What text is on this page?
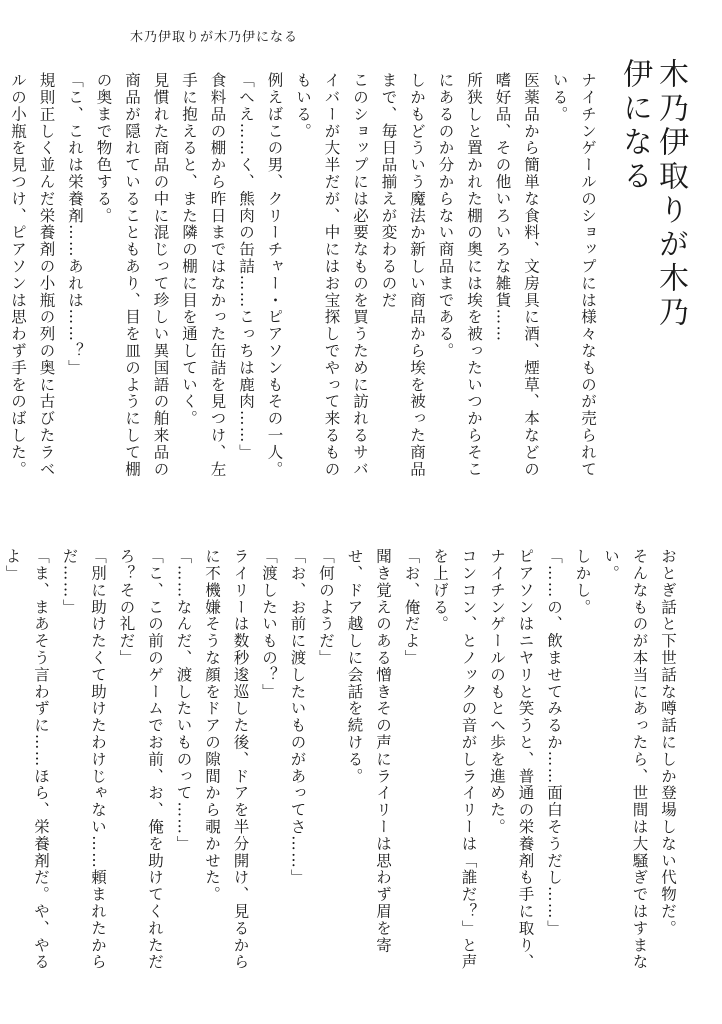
木乃伊取りが木乃伊になる
木乃伊取りが木乃伊になる

ナイチンゲールのショップには様々なものが売られている。

医薬品から簡単な食料、文房具に酒、煙草、本などの嗜好品、その他いろいろな雑貨……

所狭しと置かれた棚の奥には埃を被ったいつからそこにあるのか分からない商品まである。

しかもどういう魔法か新しい商品から埃を被った商品まで、毎日品揃えが変わるのだ

このショップには必要なものを買うために訪れるサバイバーが大半だが、中にはお宝探しでやって来るものもいる。

例えばこの男、クリーチャー・ピアソンもその一人。

「へえ……く、熊肉の缶詰……こっちは鹿肉……」

食料品の棚から昨日まではなかった缶詰を見つけ、左手に抱えると、また隣の棚に目を通していく。

見慣れた商品の中に混じって珍しい異国語の舶来品の商品が隠れていることもあり、目を皿のようにして棚の奥まで物色する。

「こ、これは栄養剤……あれは……？」

規則正しく並んだ栄養剤の小瓶の列の奥に古びたラベルの小瓶を見つけ、ピアソンは思わず手をのばした。

おとぎ話と下世話な噂話にしか登場しない代物だ。

そんなものが本当にあったら、世間は大騒ぎではすまない。

しかし。

「……の、飲ませてみるか……面白そうだし……」

ピアソンはニヤリと笑うと、普通の栄養剤も手に取り、ナイチンゲールのもとへ歩を進めた。

コンコン、とノックの音がしライリーは「誰だ？」と声を上げる。

「お、俺だよ」

聞き覚えのある憎きその声にライリーは思わず眉を寄せ、ドア越しに会話を続ける。

「何のようだ」

「お、お前に渡したいものがあってさ……」

「渡したいもの？」

ライリーは数秒逡巡した後、ドアを半分開け、見るからに不機嫌そうな顔をドアの隙間から覗かせた。

「……なんだ、渡したいものって……」

「こ、この前のゲームでお前、お、俺を助けてくれただろ？その礼だ」

「別に助けたくて助けたわけじゃない……頼まれたからだ……」

「ま、まあそう言わずに……ほら、栄養剤だ。や、やるよ」
